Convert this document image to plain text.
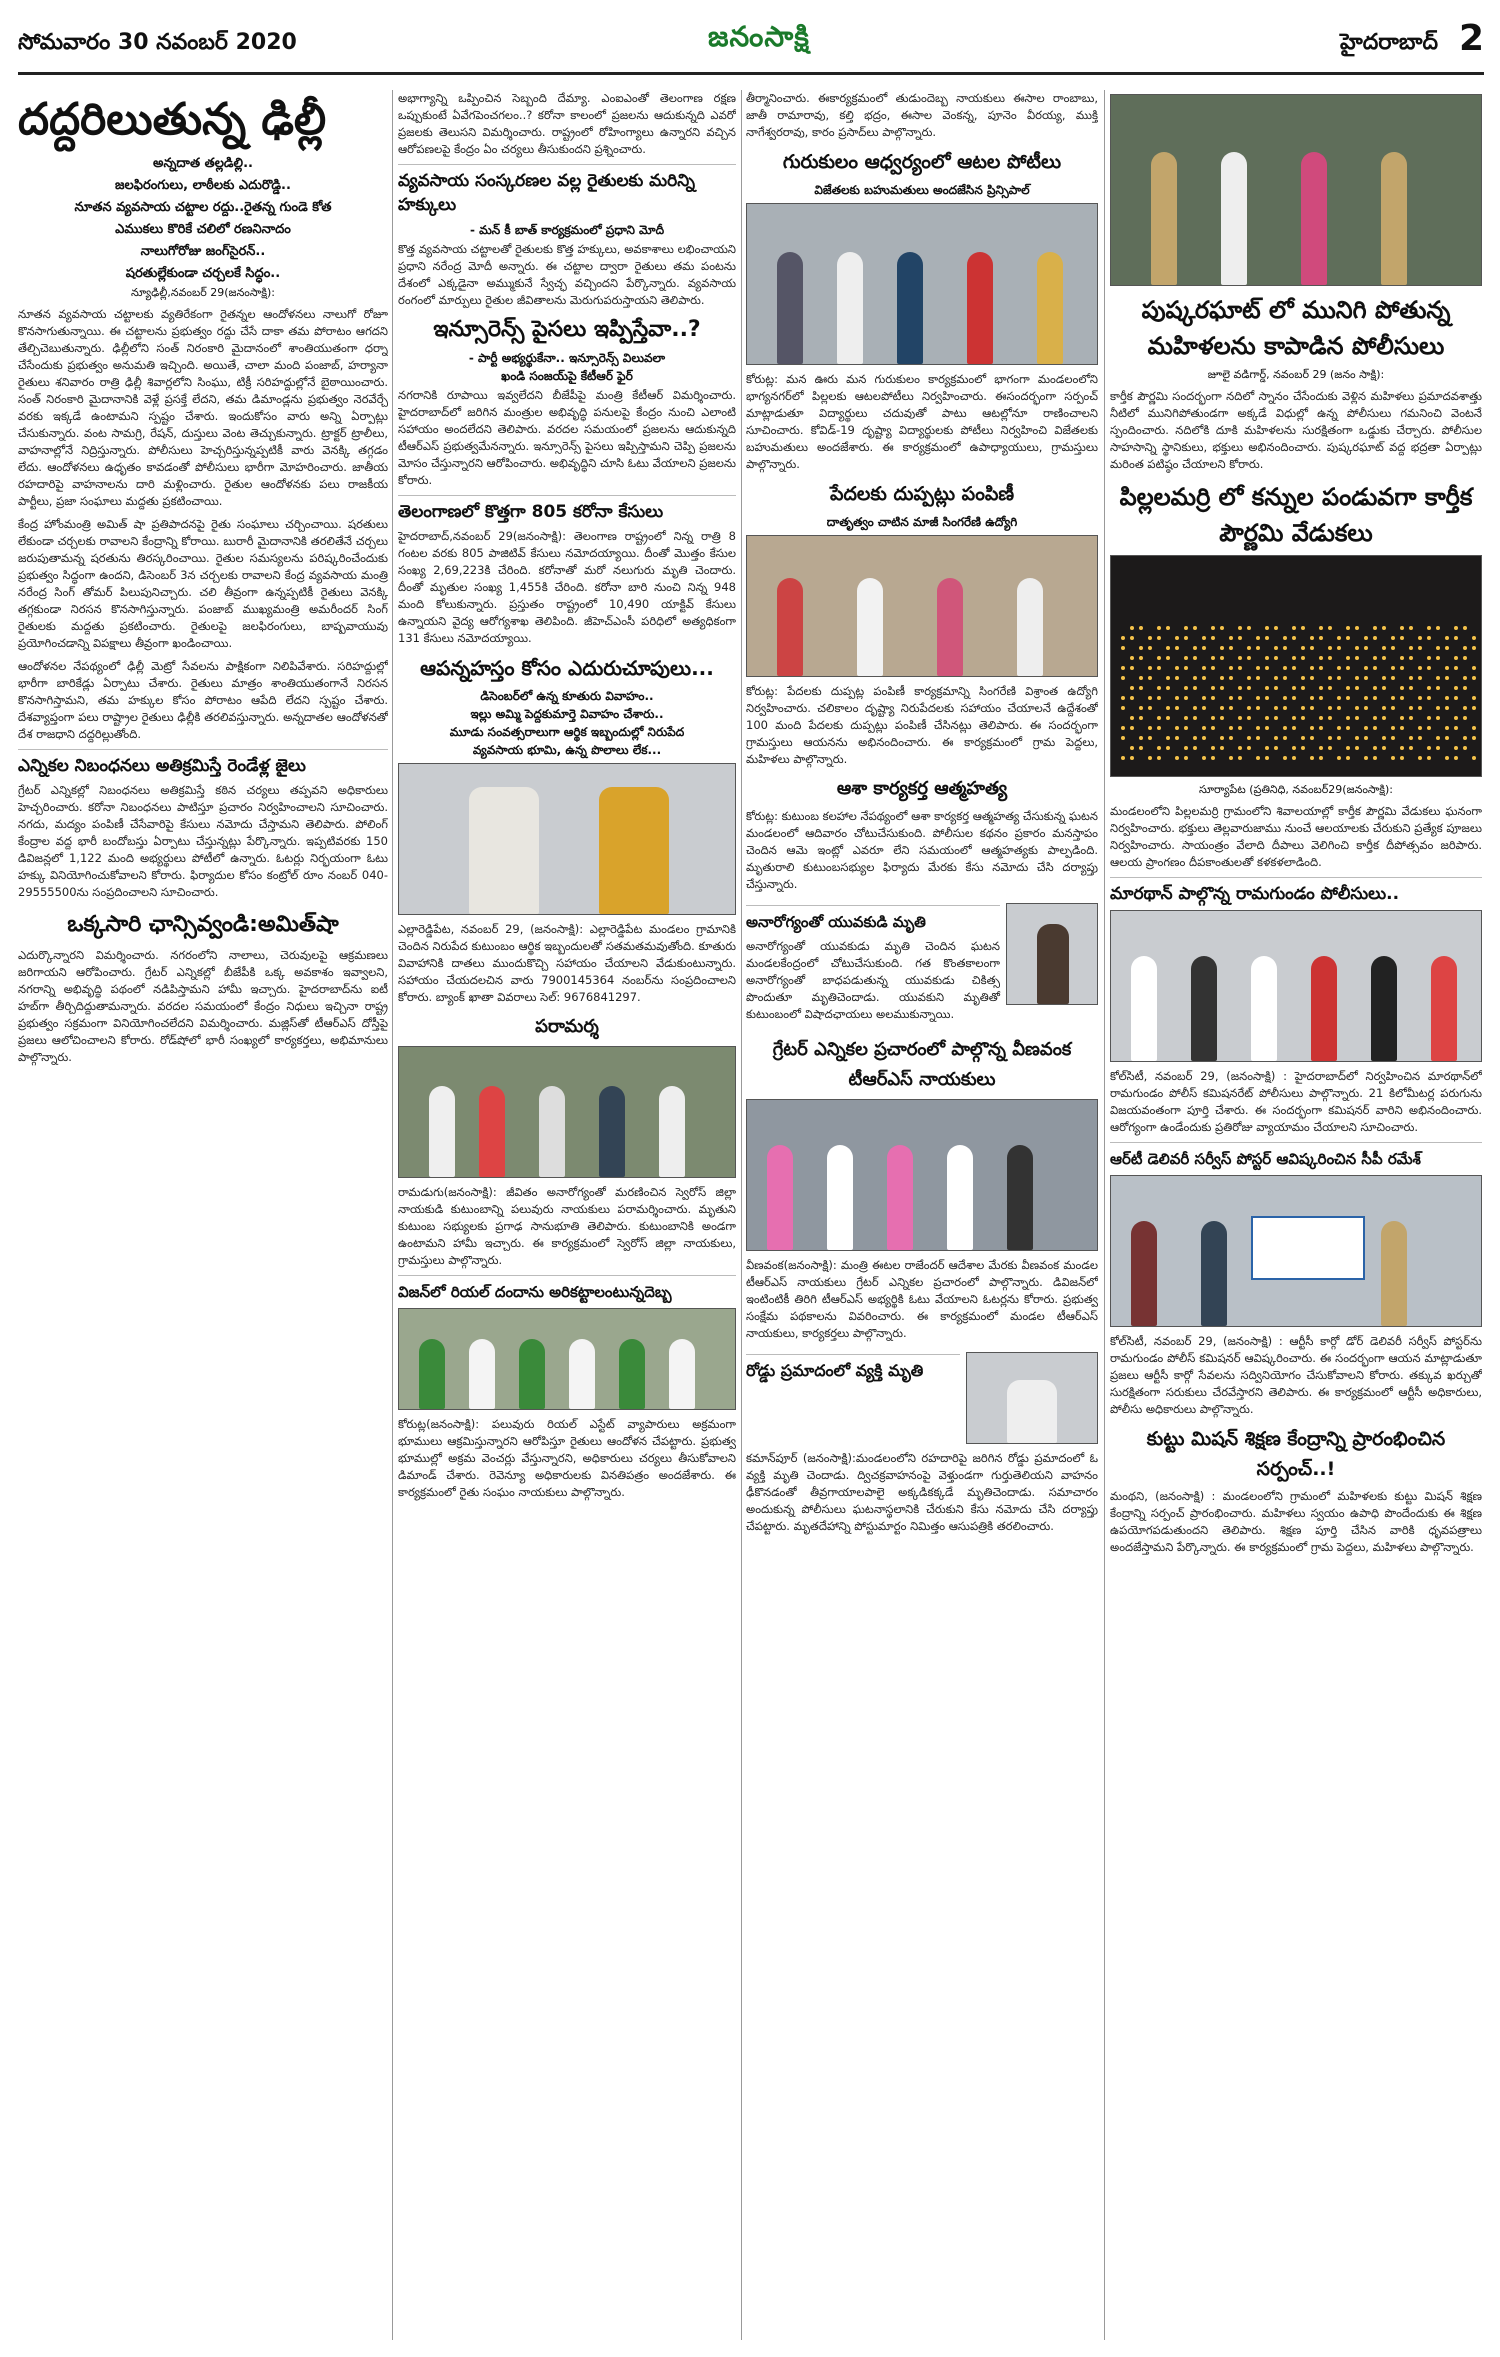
సోమవారం 30 నవంబర్ 2020	జనంసాక్షి	హైదరాబాద్ 2
దద్దరిలుతున్న ఢిల్లీ
అన్నదాత తల్లడిల్లి..
జలఫిరంగులు, లాఠీలకు ఎదురొడ్డి..
నూతన వ్యవసాయ చట్టాల రద్దు..రైతన్న గుండె కోత
ఎముకలు కొరికే చలిలో రణనినాదం
నాలుగోరోజు జంగ్‌సైరన్‌..
షరతుల్లేకుండా చర్చలకే సిద్ధం..
న్యూఢిల్లీ,నవంబర్‌ 29(జనంసాక్షి):

నూతన వ్యవసాయ చట్టాలకు వ్యతిరేకంగా రైతన్నల ఆందోళనలు నాలుగో రోజూ కొనసాగుతున్నాయి. ఈ చట్టాలను ప్రభుత్వం రద్దు చేసే దాకా తమ పోరాటం ఆగదని తేల్చిచెబుతున్నారు. ఢిల్లీలోని సంత్‌ నిరంకారి మైదానంలో శాంతియుతంగా ధర్నా చేసేందుకు ప్రభుత్వం అనుమతి ఇచ్చింది. అయితే, చాలా మంది పంజాబ్‌, హర్యానా రైతులు శనివారం రాత్రి ఢిల్లీ శివార్లలోని సింఘు, టిక్రీ సరిహద్దుల్లోనే బైఠాయించారు. సంత్‌ నిరంకారి మైదానానికి వెళ్లే ప్రసక్తే లేదని, తమ డిమాండ్లను ప్రభుత్వం నెరవేర్చే వరకు ఇక్కడే ఉంటామని స్పష్టం చేశారు. ఇందుకోసం వారు అన్ని ఏర్పాట్లు చేసుకున్నారు. వంట సామగ్రి, రేషన్‌, దుస్తులు వెంట తెచ్చుకున్నారు. ట్రాక్టర్‌ ట్రాలీలు, వాహనాల్లోనే నిద్రిస్తున్నారు. పోలీసులు హెచ్చరిస్తున్నప్పటికీ వారు వెనక్కి తగ్గడం లేదు. ఆందోళనలు ఉధృతం కావడంతో పోలీసులు భారీగా మోహరించారు. జాతీయ రహదారిపై వాహనాలను దారి మళ్లించారు. రైతుల ఆందోళనకు పలు రాజకీయ పార్టీలు, ప్రజా సంఘాలు మద్దతు ప్రకటించాయి.

కేంద్ర హోంమంత్రి అమిత్‌ షా ప్రతిపాదనపై రైతు సంఘాలు చర్చించాయి. షరతులు లేకుండా చర్చలకు రావాలని కేంద్రాన్ని కోరాయి. బురారీ మైదానానికి తరలితేనే చర్చలు జరుపుతామన్న షరతును తిరస్కరించాయి. రైతుల సమస్యలను పరిష్కరించేందుకు ప్రభుత్వం సిద్ధంగా ఉందని, డిసెంబర్‌ 3న చర్చలకు రావాలని కేంద్ర వ్యవసాయ మంత్రి నరేంద్ర సింగ్‌ తోమర్‌ పిలుపునిచ్చారు. చలి తీవ్రంగా ఉన్నప్పటికీ రైతులు వెనక్కి తగ్గకుండా నిరసన కొనసాగిస్తున్నారు. పంజాబ్‌ ముఖ్యమంత్రి అమరీందర్‌ సింగ్‌ రైతులకు మద్దతు ప్రకటించారు. రైతులపై జలఫిరంగులు, బాష్పవాయువు ప్రయోగించడాన్ని విపక్షాలు తీవ్రంగా ఖండించాయి.

ఆందోళనల నేపథ్యంలో ఢిల్లీ మెట్రో సేవలను పాక్షికంగా నిలిపివేశారు. సరిహద్దుల్లో భారీగా బారికేడ్లు ఏర్పాటు చేశారు. రైతులు మాత్రం శాంతియుతంగానే నిరసన కొనసాగిస్తామని, తమ హక్కుల కోసం పోరాటం ఆపేది లేదని స్పష్టం చేశారు. దేశవ్యాప్తంగా పలు రాష్ట్రాల రైతులు ఢిల్లీకి తరలివస్తున్నారు. అన్నదాతల ఆందోళనతో దేశ రాజధాని దద్దరిల్లుతోంది.

ఎన్నికల నిబంధనలు అతిక్రమిస్తే రెండేళ్ల జైలు

గ్రేటర్‌ ఎన్నికల్లో నిబంధనలు అతిక్రమిస్తే కఠిన చర్యలు తప్పవని అధికారులు హెచ్చరించారు. కరోనా నిబంధనలు పాటిస్తూ ప్రచారం నిర్వహించాలని సూచించారు. నగదు, మద్యం పంపిణీ చేసేవారిపై కేసులు నమోదు చేస్తామని తెలిపారు. పోలింగ్‌ కేంద్రాల వద్ద భారీ బందోబస్తు ఏర్పాటు చేస్తున్నట్లు పేర్కొన్నారు. ఇప్పటివరకు 150 డివిజన్లలో 1,122 మంది అభ్యర్థులు పోటీలో ఉన్నారు. ఓటర్లు నిర్భయంగా ఓటు హక్కు వినియోగించుకోవాలని కోరారు. ఫిర్యాదుల కోసం కంట్రోల్‌ రూం నంబర్‌ 040-29555500ను సంప్రదించాలని సూచించారు.

ఒక్కసారి ఛాన్సివ్వండి:అమిత్‌షా

ఎదుర్కొన్నారని విమర్శించారు. నగరంలోని నాలాలు, చెరువులపై ఆక్రమణలు జరిగాయని ఆరోపించారు. గ్రేటర్‌ ఎన్నికల్లో బీజేపీకి ఒక్క అవకాశం ఇవ్వాలని, నగరాన్ని అభివృద్ధి పథంలో నడిపిస్తామని హామీ ఇచ్చారు. హైదరాబాద్‌ను ఐటీ హబ్‌గా తీర్చిదిద్దుతామన్నారు. వరదల సమయంలో కేంద్రం నిధులు ఇచ్చినా రాష్ట్ర ప్రభుత్వం సక్రమంగా వినియోగించలేదని విమర్శించారు. మజ్లిస్‌తో టీఆర్‌ఎస్‌ దోస్తీపై ప్రజలు ఆలోచించాలని కోరారు. రోడ్‌షోలో భారీ సంఖ్యలో కార్యకర్తలు, అభిమానులు పాల్గొన్నారు.

అభాగ్యాన్ని ఒప్పించిన సెబ్బంది దేమ్యా. ఎంఐఎంతో తెలంగాణ రక్షణ ఒప్పుకుంటే ఏవేగపెంచగలం..? కరోనా కాలంలో ప్రజలను ఆదుకున్నది ఎవరో ప్రజలకు తెలుసని విమర్శించారు. రాష్ట్రంలో రోహింగ్యాలు ఉన్నారని వచ్చిన ఆరోపణలపై కేంద్రం ఏం చర్యలు తీసుకుందని ప్రశ్నించారు.

వ్యవసాయ సంస్కరణల వల్ల రైతులకు మరిన్ని హక్కులు
- మన్‌ కీ బాత్‌ కార్యక్రమంలో ప్రధాని మోదీ

కొత్త వ్యవసాయ చట్టాలతో రైతులకు కొత్త హక్కులు, అవకాశాలు లభించాయని ప్రధాని నరేంద్ర మోదీ అన్నారు. ఈ చట్టాల ద్వారా రైతులు తమ పంటను దేశంలో ఎక్కడైనా అమ్ముకునే స్వేచ్ఛ వచ్చిందని పేర్కొన్నారు. వ్యవసాయ రంగంలో మార్పులు రైతుల జీవితాలను మెరుగుపరుస్తాయని తెలిపారు.

ఇన్సూరెన్స్‌ పైసలు ఇప్పిస్తేవా..?
- పార్టీ అభ్యర్థుకేనా.. ఇన్సూరెన్స్‌ విలువలా
ఖండి సంజయ్‌పై కేటీఆర్‌ ఫైర్‌

నగరానికి రూపాయి ఇవ్వలేదని బీజేపీపై మంత్రి కేటీఆర్‌ విమర్శించారు. హైదరాబాద్‌లో జరిగిన మంత్రుల అభివృద్ధి పనులపై కేంద్రం నుంచి ఎలాంటి సహాయం అందలేదని తెలిపారు. వరదల సమయంలో ప్రజలను ఆదుకున్నది టీఆర్‌ఎస్‌ ప్రభుత్వమేనన్నారు. ఇన్సూరెన్స్‌ పైసలు ఇప్పిస్తామని చెప్పి ప్రజలను మోసం చేస్తున్నారని ఆరోపించారు. అభివృద్ధిని చూసి ఓటు వేయాలని ప్రజలను కోరారు.

తెలంగాణలో కొత్తగా 805 కరోనా కేసులు

హైదరాబాద్‌,నవంబర్‌ 29(జనంసాక్షి): తెలంగాణ రాష్ట్రంలో నిన్న రాత్రి 8 గంటల వరకు 805 పాజిటివ్‌ కేసులు నమోదయ్యాయి. దీంతో మొత్తం కేసుల సంఖ్య 2,69,223కి చేరింది. కరోనాతో మరో నలుగురు మృతి చెందారు. దీంతో మృతుల సంఖ్య 1,455కి చేరింది. కరోనా బారి నుంచి నిన్న 948 మంది కోలుకున్నారు. ప్రస్తుతం రాష్ట్రంలో 10,490 యాక్టివ్‌ కేసులు ఉన్నాయని వైద్య ఆరోగ్యశాఖ తెలిపింది. జీహెచ్‌ఎంసీ పరిధిలో అత్యధికంగా 131 కేసులు నమోదయ్యాయి.

ఆపన్నహస్తం కోసం ఎదురుచూపులు...
డిసెంబర్‌లో ఉన్న కూతురు వివాహం..
ఇల్లు అమ్మి పెద్దకుమార్తె వివాహం చేశారు..
మూడు సంవత్సరాలుగా ఆర్థిక ఇబ్బందుల్లో నిరుపేద
వ్యవసాయ భూమి, ఉన్న పొలాలు లేక...

ఎల్లారెడ్డిపేట, నవంబర్‌ 29, (జనంసాక్షి): ఎల్లారెడ్డిపేట మండలం గ్రామానికి చెందిన నిరుపేద కుటుంబం ఆర్థిక ఇబ్బందులతో సతమతమవుతోంది. కూతురు వివాహానికి దాతలు ముందుకొచ్చి సహాయం చేయాలని వేడుకుంటున్నారు. సహాయం చేయదలచిన వారు 7900145364 నంబర్‌ను సంప్రదించాలని కోరారు. బ్యాంక్‌ ఖాతా వివరాలు సెల్‌: 9676841297.

పరామర్శ

రామడుగు(జనంసాక్షి): జీవితం అనారోగ్యంతో మరణించిన స్వెరోస్‌ జిల్లా నాయకుడి కుటుంబాన్ని పలువురు నాయకులు పరామర్శించారు. మృతుని కుటుంబ సభ్యులకు ప్రగాఢ సానుభూతి తెలిపారు. కుటుంబానికి అండగా ఉంటామని హామీ ఇచ్చారు. ఈ కార్యక్రమంలో స్వెరోస్‌ జిల్లా నాయకులు, గ్రామస్తులు పాల్గొన్నారు.

విజన్‌లో రియల్‌ దందాను అరికట్టాలంటున్నదెబ్బ

కోరుట్ల(జనంసాక్షి): పలువురు రియల్‌ ఎస్టేట్‌ వ్యాపారులు అక్రమంగా భూములు ఆక్రమిస్తున్నారని ఆరోపిస్తూ రైతులు ఆందోళన చేపట్టారు. ప్రభుత్వ భూముల్లో అక్రమ వెంచర్లు వేస్తున్నారని, అధికారులు చర్యలు తీసుకోవాలని డిమాండ్‌ చేశారు. రెవెన్యూ అధికారులకు వినతిపత్రం అందజేశారు. ఈ కార్యక్రమంలో రైతు సంఘం నాయకులు పాల్గొన్నారు.

తీర్మానించారు. ఈకార్యక్రమంలో తుడుందెబ్బ నాయకులు ఈసాల రాంబాబు, జాతీ రామారావు, కల్తి భద్రం, ఈసాల వెంకన్న, పూనెం వీరయ్య, ముక్తి నాగేశ్వరరావు, కారం ప్రసాద్‌లు పాల్గొన్నారు.

గురుకులం ఆధ్వర్యంలో ఆటల పోటీలు
విజేతలకు బహుమతులు అందజేసిన ప్రిన్సిపాల్‌

కోరుట్ల: మన ఊరు మన గురుకులం కార్యక్రమంలో భాగంగా మండలంలోని భాగ్యనగర్‌లో పిల్లలకు ఆటలపోటీలు నిర్వహించారు. ఈసందర్భంగా సర్పంచ్‌ మాట్లాడుతూ విద్యార్థులు చదువుతో పాటు ఆటల్లోనూ రాణించాలని సూచించారు. కోవిడ్‌-19 దృష్ట్యా విద్యార్థులకు పోటీలు నిర్వహించి విజేతలకు బహుమతులు అందజేశారు. ఈ కార్యక్రమంలో ఉపాధ్యాయులు, గ్రామస్తులు పాల్గొన్నారు.

పేదలకు దుప్పట్లు పంపిణీ
దాతృత్వం చాటిన మాజీ సింగరేణి ఉద్యోగి

కోరుట్ల: పేదలకు దుప్పట్ల పంపిణీ కార్యక్రమాన్ని సింగరేణి విశ్రాంత ఉద్యోగి నిర్వహించారు. చలికాలం దృష్ట్యా నిరుపేదలకు సహాయం చేయాలనే ఉద్దేశంతో 100 మంది పేదలకు దుప్పట్లు పంపిణీ చేసినట్లు తెలిపారు. ఈ సందర్భంగా గ్రామస్తులు ఆయనను అభినందించారు. ఈ కార్యక్రమంలో గ్రామ పెద్దలు, మహిళలు పాల్గొన్నారు.

ఆశా కార్యకర్త ఆత్మహత్య

కోరుట్ల: కుటుంబ కలహాల నేపథ్యంలో ఆశా కార్యకర్త ఆత్మహత్య చేసుకున్న ఘటన మండలంలో ఆదివారం చోటుచేసుకుంది. పోలీసుల కథనం ప్రకారం మనస్తాపం చెందిన ఆమె ఇంట్లో ఎవరూ లేని సమయంలో ఆత్మహత్యకు పాల్పడింది. మృతురాలి కుటుంబసభ్యుల ఫిర్యాదు మేరకు కేసు నమోదు చేసి దర్యాప్తు చేస్తున్నారు.

అనారోగ్యంతో యువకుడి మృతి

అనారోగ్యంతో యువకుడు మృతి చెందిన ఘటన మండలకేంద్రంలో చోటుచేసుకుంది. గత కొంతకాలంగా అనారోగ్యంతో బాధపడుతున్న యువకుడు చికిత్స పొందుతూ మృతిచెందాడు. యువకుని మృతితో కుటుంబంలో విషాదఛాయలు అలముకున్నాయి.

గ్రేటర్‌ ఎన్నికల ప్రచారంలో పాల్గొన్న వీణవంక టీఆర్‌ఎస్‌ నాయకులు

వీణవంక(జనంసాక్షి): మంత్రి ఈటల రాజేందర్‌ ఆదేశాల మేరకు వీణవంక మండల టీఆర్‌ఎస్‌ నాయకులు గ్రేటర్‌ ఎన్నికల ప్రచారంలో పాల్గొన్నారు. డివిజన్‌లో ఇంటింటికీ తిరిగి టీఆర్‌ఎస్‌ అభ్యర్థికి ఓటు వేయాలని ఓటర్లను కోరారు. ప్రభుత్వ సంక్షేమ పథకాలను వివరించారు. ఈ కార్యక్రమంలో మండల టీఆర్‌ఎస్‌ నాయకులు, కార్యకర్తలు పాల్గొన్నారు.

రోడ్డు ప్రమాదంలో వ్యక్తి మృతి

కమాన్‌పూర్‌ (జనంసాక్షి):మండలంలోని రహదారిపై జరిగిన రోడ్డు ప్రమాదంలో ఓ వ్యక్తి మృతి చెందాడు. ద్విచక్రవాహనంపై వెళ్తుండగా గుర్తుతెలియని వాహనం ఢీకొనడంతో తీవ్రగాయాలపాలై అక్కడికక్కడే మృతిచెందాడు. సమాచారం అందుకున్న పోలీసులు ఘటనాస్థలానికి చేరుకుని కేసు నమోదు చేసి దర్యాప్తు చేపట్టారు. మృతదేహాన్ని పోస్టుమార్టం నిమిత్తం ఆసుపత్రికి తరలించారు.

పుష్కరఘాట్‌ లో మునిగి పోతున్న మహిళలను కాపాడిన పోలీసులు
జూలై వడిగార్డ్‌, నవంబర్‌ 29 (జనం సాక్షి):

కార్తీక పౌర్ణమి సందర్భంగా నదిలో స్నానం చేసేందుకు వెళ్లిన మహిళలు ప్రమాదవశాత్తు నీటిలో మునిగిపోతుండగా అక్కడే విధుల్లో ఉన్న పోలీసులు గమనించి వెంటనే స్పందించారు. నదిలోకి దూకి మహిళలను సురక్షితంగా ఒడ్డుకు చేర్చారు. పోలీసుల సాహసాన్ని స్థానికులు, భక్తులు అభినందించారు. పుష్కరఘాట్‌ వద్ద భద్రతా ఏర్పాట్లు మరింత పటిష్ఠం చేయాలని కోరారు.

పిల్లలమర్రి లో కన్నుల పండువగా కార్తీక పౌర్ణమి వేడుకలు
సూర్యాపేట (ప్రతినిధి, నవంబర్‌29(జనంసాక్షి):

మండలంలోని పిల్లలమర్రి గ్రామంలోని శివాలయాల్లో కార్తీక పౌర్ణమి వేడుకలు ఘనంగా నిర్వహించారు. భక్తులు తెల్లవారుజాము నుంచే ఆలయాలకు చేరుకుని ప్రత్యేక పూజలు నిర్వహించారు. సాయంత్రం వేలాది దీపాలు వెలిగించి కార్తీక దీపోత్సవం జరిపారు. ఆలయ ప్రాంగణం దీపకాంతులతో కళకళలాడింది.

మారథాన్‌ పాల్గొన్న రామగుండం పోలీసులు..

కోల్‌సిటీ, నవంబర్‌ 29, (జనంసాక్షి) : హైదరాబాద్‌లో నిర్వహించిన మారథాన్‌లో రామగుండం పోలీస్‌ కమిషనరేట్‌ పోలీసులు పాల్గొన్నారు. 21 కిలోమీటర్ల పరుగును విజయవంతంగా పూర్తి చేశారు. ఈ సందర్భంగా కమిషనర్‌ వారిని అభినందించారు. ఆరోగ్యంగా ఉండేందుకు ప్రతిరోజు వ్యాయామం చేయాలని సూచించారు.

ఆర్‌టీ డెలివరీ సర్వీస్‌ పోస్టర్‌ ఆవిష్కరించిన సీపీ రమేశ్‌

కోల్‌సిటీ, నవంబర్‌ 29, (జనంసాక్షి) : ఆర్టీసీ కార్గో డోర్‌ డెలివరీ సర్వీస్‌ పోస్టర్‌ను రామగుండం పోలీస్‌ కమిషనర్‌ ఆవిష్కరించారు. ఈ సందర్భంగా ఆయన మాట్లాడుతూ ప్రజలు ఆర్టీసీ కార్గో సేవలను సద్వినియోగం చేసుకోవాలని కోరారు. తక్కువ ఖర్చుతో సురక్షితంగా సరుకులు చేరవేస్తారని తెలిపారు. ఈ కార్యక్రమంలో ఆర్టీసీ అధికారులు, పోలీసు అధికారులు పాల్గొన్నారు.

కుట్టు మిషన్‌ శిక్షణ కేంద్రాన్ని ప్రారంభించిన సర్పంచ్‌..!

మంథని, (జనంసాక్షి) : మండలంలోని గ్రామంలో మహిళలకు కుట్టు మిషన్‌ శిక్షణ కేంద్రాన్ని సర్పంచ్‌ ప్రారంభించారు. మహిళలు స్వయం ఉపాధి పొందేందుకు ఈ శిక్షణ ఉపయోగపడుతుందని తెలిపారు. శిక్షణ పూర్తి చేసిన వారికి ధృవపత్రాలు అందజేస్తామని పేర్కొన్నారు. ఈ కార్యక్రమంలో గ్రామ పెద్దలు, మహిళలు పాల్గొన్నారు.
